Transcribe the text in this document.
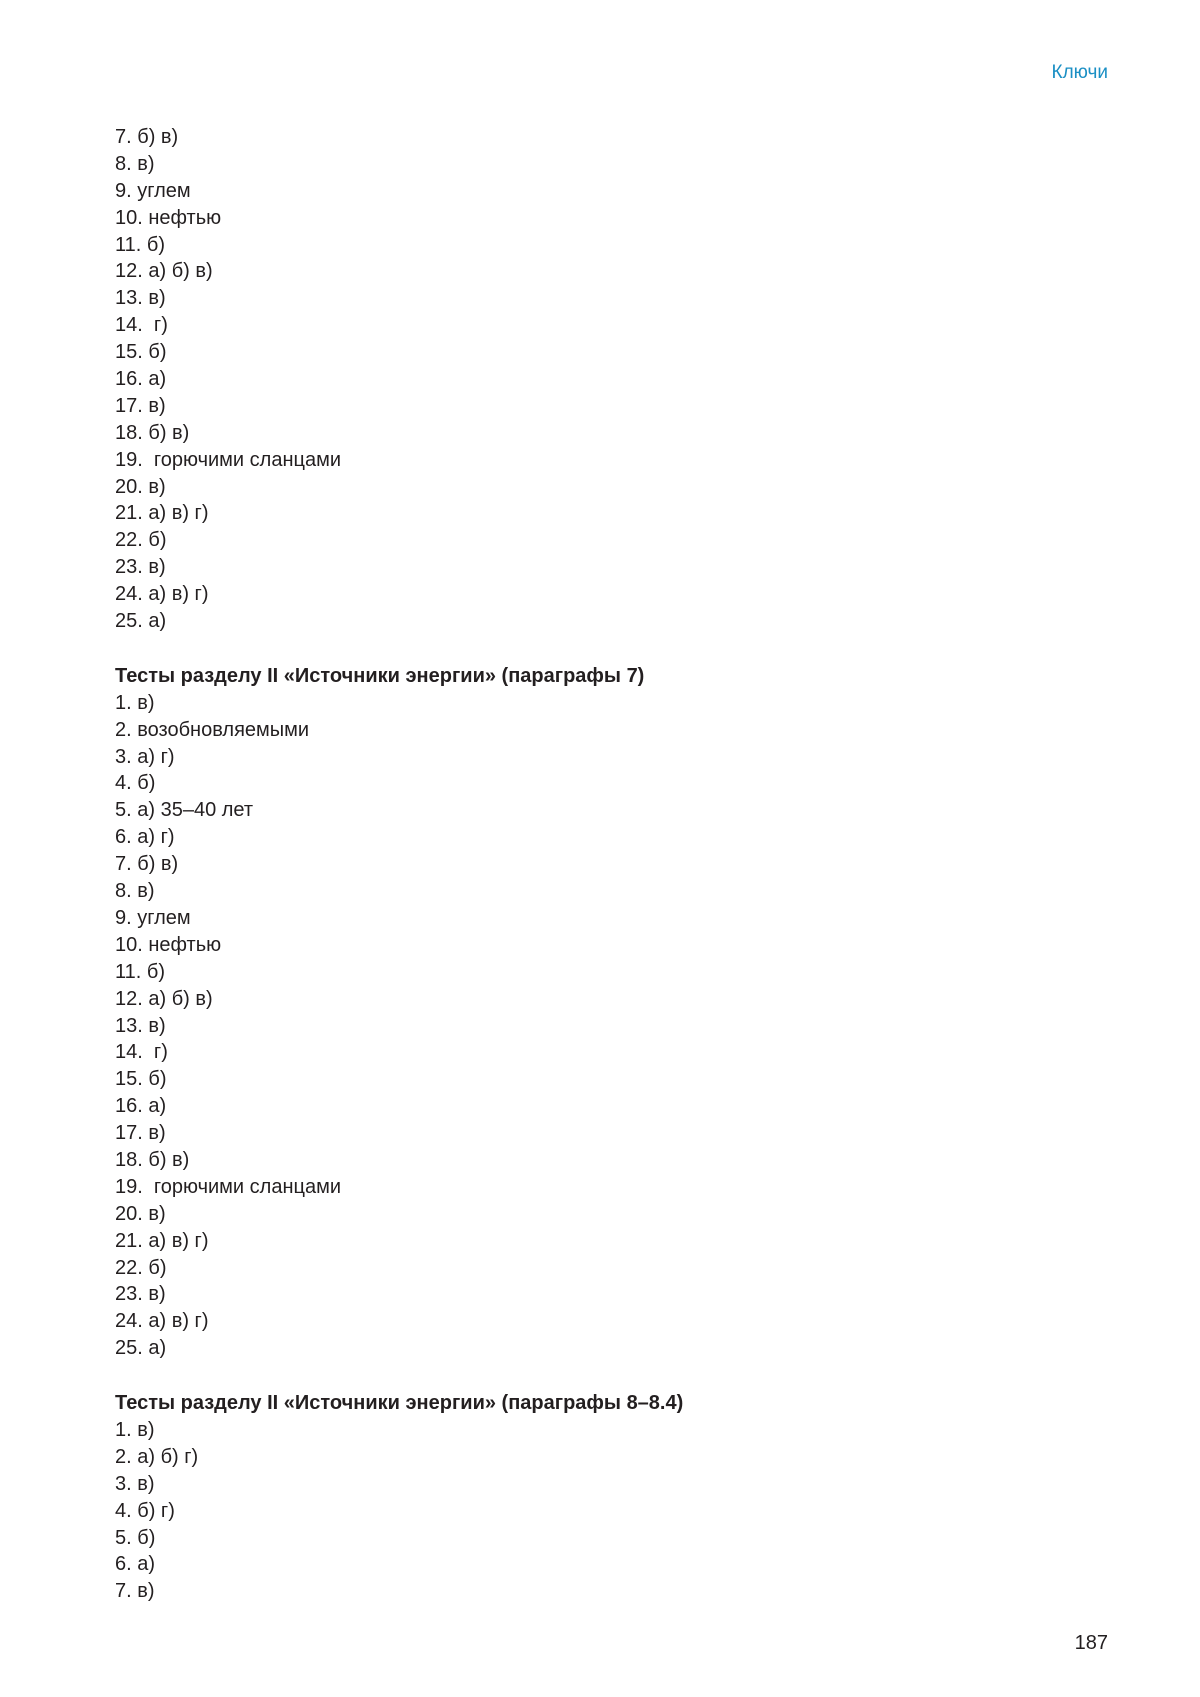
Ключи
7. б) в)
8. в)
9. углем
10. нефтью
11. б)
12. а) б) в)
13. в)
14.  г)
15. б)
16. а)
17. в)
18. б) в)
19.  горючими сланцами
20. в)
21. а) в) г)
22. б)
23. в)
24. а) в) г)
25. а)
Тесты разделу II «Источники энергии» (параграфы 7)
1. в)
2. возобновляемыми
3. а) г)
4. б)
5. а) 35–40 лет
6. а) г)
7. б) в)
8. в)
9. углем
10. нефтью
11. б)
12. а) б) в)
13. в)
14.  г)
15. б)
16. а)
17. в)
18. б) в)
19.  горючими сланцами
20. в)
21. а) в) г)
22. б)
23. в)
24. а) в) г)
25. а)
Тесты разделу II «Источники энергии» (параграфы 8–8.4)
1. в)
2. а) б) г)
3. в)
4. б) г)
5. б)
6. а)
7. в)
187
